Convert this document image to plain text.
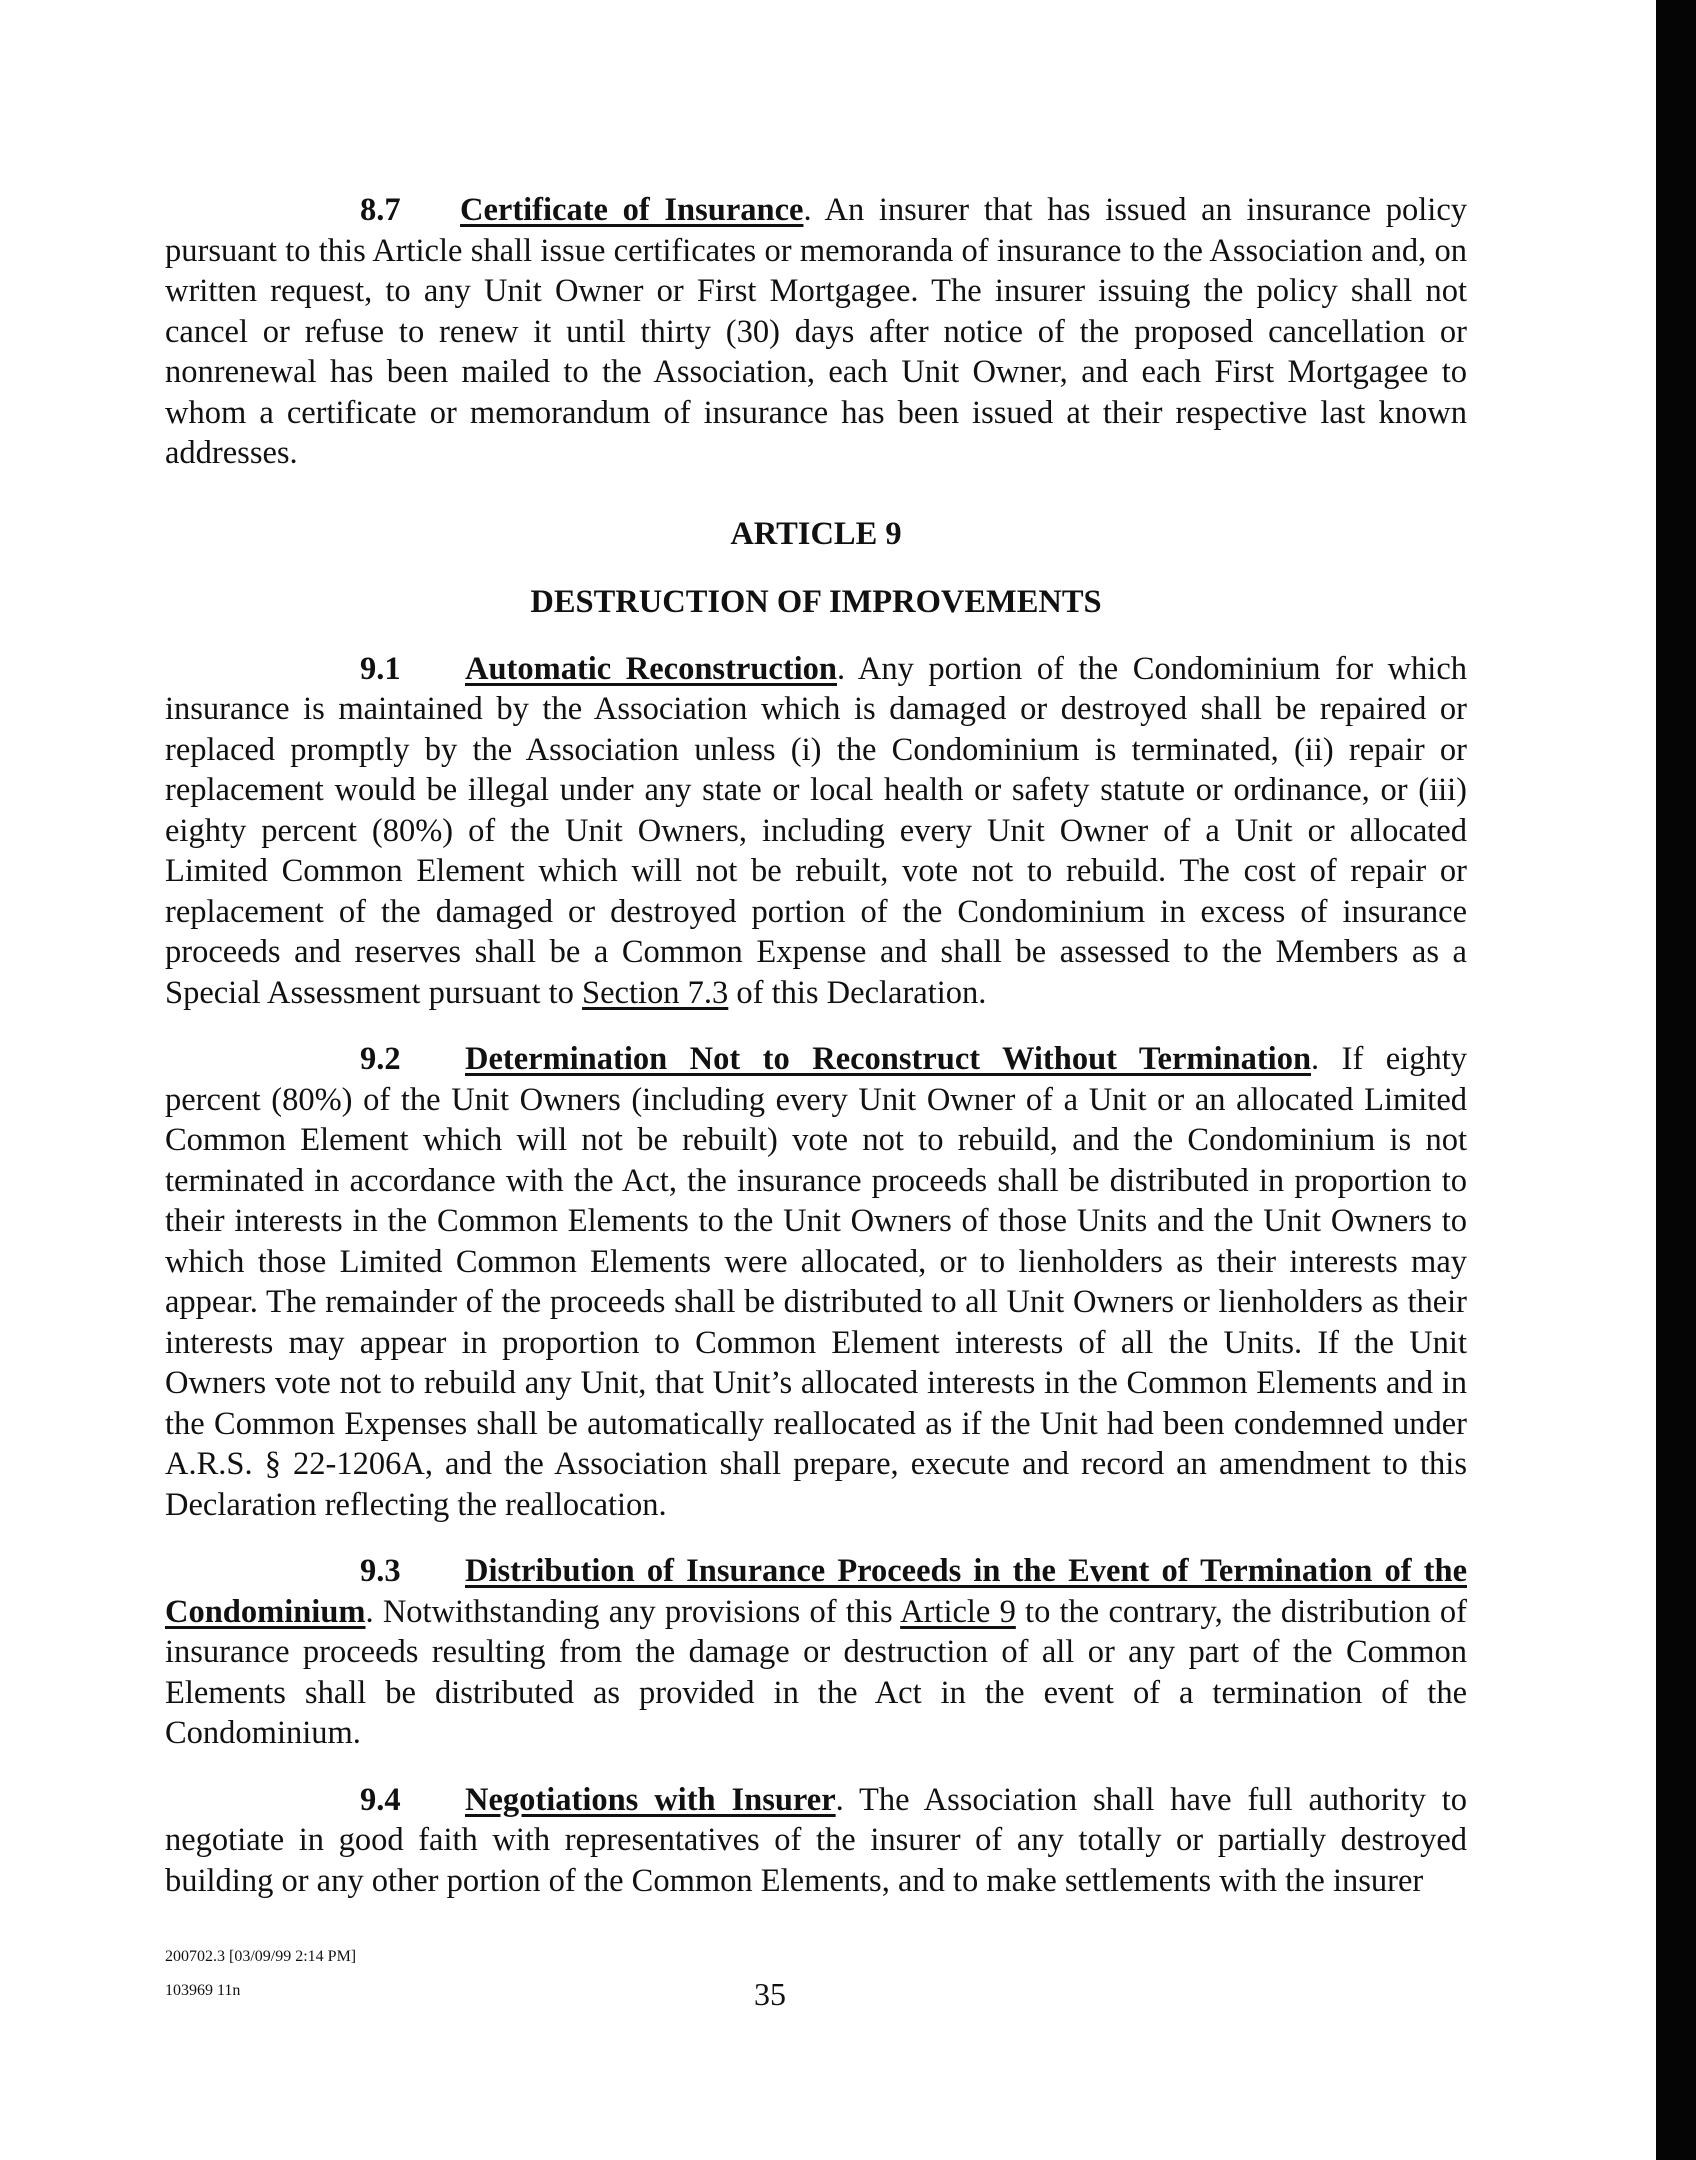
8.7 Certificate of Insurance. An insurer that has issued an insurance policy pursuant to this Article shall issue certificates or memoranda of insurance to the Association and, on written request, to any Unit Owner or First Mortgagee. The insurer issuing the policy shall not cancel or refuse to renew it until thirty (30) days after notice of the proposed cancellation or nonrenewal has been mailed to the Association, each Unit Owner, and each First Mortgagee to whom a certificate or memorandum of insurance has been issued at their respective last known addresses.

ARTICLE 9

DESTRUCTION OF IMPROVEMENTS

9.1 Automatic Reconstruction. Any portion of the Condominium for which insurance is maintained by the Association which is damaged or destroyed shall be repaired or replaced promptly by the Association unless (i) the Condominium is terminated, (ii) repair or replacement would be illegal under any state or local health or safety statute or ordinance, or (iii) eighty percent (80%) of the Unit Owners, including every Unit Owner of a Unit or allocated Limited Common Element which will not be rebuilt, vote not to rebuild. The cost of repair or replacement of the damaged or destroyed portion of the Condominium in excess of insurance proceeds and reserves shall be a Common Expense and shall be assessed to the Members as a Special Assessment pursuant to Section 7.3 of this Declaration.

9.2 Determination Not to Reconstruct Without Termination. If eighty percent (80%) of the Unit Owners (including every Unit Owner of a Unit or an allocated Limited Common Element which will not be rebuilt) vote not to rebuild, and the Condominium is not terminated in accordance with the Act, the insurance proceeds shall be distributed in proportion to their interests in the Common Elements to the Unit Owners of those Units and the Unit Owners to which those Limited Common Elements were allocated, or to lienholders as their interests may appear. The remainder of the proceeds shall be distributed to all Unit Owners or lienholders as their interests may appear in proportion to Common Element interests of all the Units. If the Unit Owners vote not to rebuild any Unit, that Unit’s allocated interests in the Common Elements and in the Common Expenses shall be automatically reallocated as if the Unit had been condemned under A.R.S. § 22-1206A, and the Association shall prepare, execute and record an amendment to this Declaration reflecting the reallocation.

9.3 Distribution of Insurance Proceeds in the Event of Termination of the Condominium. Notwithstanding any provisions of this Article 9 to the contrary, the distribution of insurance proceeds resulting from the damage or destruction of all or any part of the Common Elements shall be distributed as provided in the Act in the event of a termination of the Condominium.

9.4 Negotiations with Insurer. The Association shall have full authority to negotiate in good faith with representatives of the insurer of any totally or partially destroyed building or any other portion of the Common Elements, and to make settlements with the insurer

200702.3 [03/09/99 2:14 PM]
103969 11n	35
